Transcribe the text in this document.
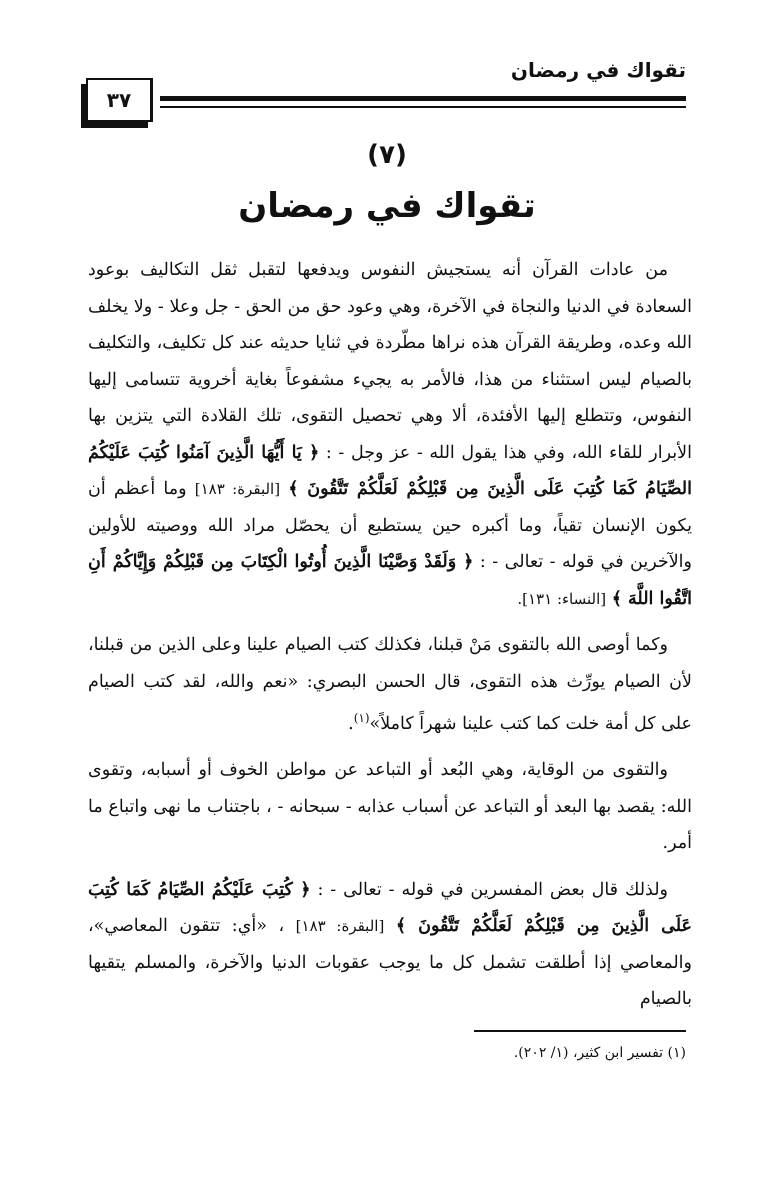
تقواك في رمضان
٣٧
(٧)
تقواك في رمضان

من عادات القرآن أنه يستجيش النفوس ويدفعها لتقبل ثقل التكاليف بوعود السعادة في الدنيا والنجاة في الآخرة، وهي وعود حق من الحق - جل وعلا - ولا يخلف الله وعده، وطريقة القرآن هذه نراها مطّردة في ثنايا حديثه عند كل تكليف، والتكليف بالصيام ليس استثناء من هذا، فالأمر به يجيء مشفوعاً بغاية أخروية تتسامى إليها النفوس، وتتطلع إليها الأفئدة، ألا وهي تحصيل التقوى، تلك القلادة التي يتزين بها الأبرار للقاء الله، وفي هذا يقول الله - عز وجل - : ﴿ يَا أَيُّهَا الَّذِينَ آمَنُوا كُتِبَ عَلَيْكُمُ الصِّيَامُ كَمَا كُتِبَ عَلَى الَّذِينَ مِن قَبْلِكُمْ لَعَلَّكُمْ تَتَّقُونَ ﴾ [البقرة: ١٨٣] وما أعظم أن يكون الإنسان تقياً، وما أكبره حين يستطيع أن يحصّل مراد الله ووصيته للأولين والآخرين في قوله - تعالى - : ﴿ وَلَقَدْ وَصَّيْنَا الَّذِينَ أُوتُوا الْكِتَابَ مِن قَبْلِكُمْ وَإِيَّاكُمْ أَنِ اتَّقُوا اللَّهَ ﴾ [النساء: ١٣١].

وكما أوصى الله بالتقوى مَنْ قبلنا، فكذلك كتب الصيام علينا وعلى الذين من قبلنا، لأن الصيام يورِّث هذه التقوى، قال الحسن البصري: «نعم والله، لقد كتب الصيام على كل أمة خلت كما كتب علينا شهراً كاملاً»$^{(١)}$.

والتقوى من الوقاية، وهي البُعد أو التباعد عن مواطن الخوف أو أسبابه، وتقوى الله: يقصد بها البعد أو التباعد عن أسباب عذابه - سبحانه - ، باجتناب ما نهى واتباع ما أمر.

ولذلك قال بعض المفسرين في قوله - تعالى - : ﴿ كُتِبَ عَلَيْكُمُ الصِّيَامُ كَمَا كُتِبَ عَلَى الَّذِينَ مِن قَبْلِكُمْ لَعَلَّكُمْ تَتَّقُونَ ﴾ [البقرة: ١٨٣] ، «أي: تتقون المعاصي»، والمعاصي إذا أطلقت تشمل كل ما يوجب عقوبات الدنيا والآخرة، والمسلم يتقيها بالصيام

(١) تفسير ابن كثير، (١/ ٢٠٢).
